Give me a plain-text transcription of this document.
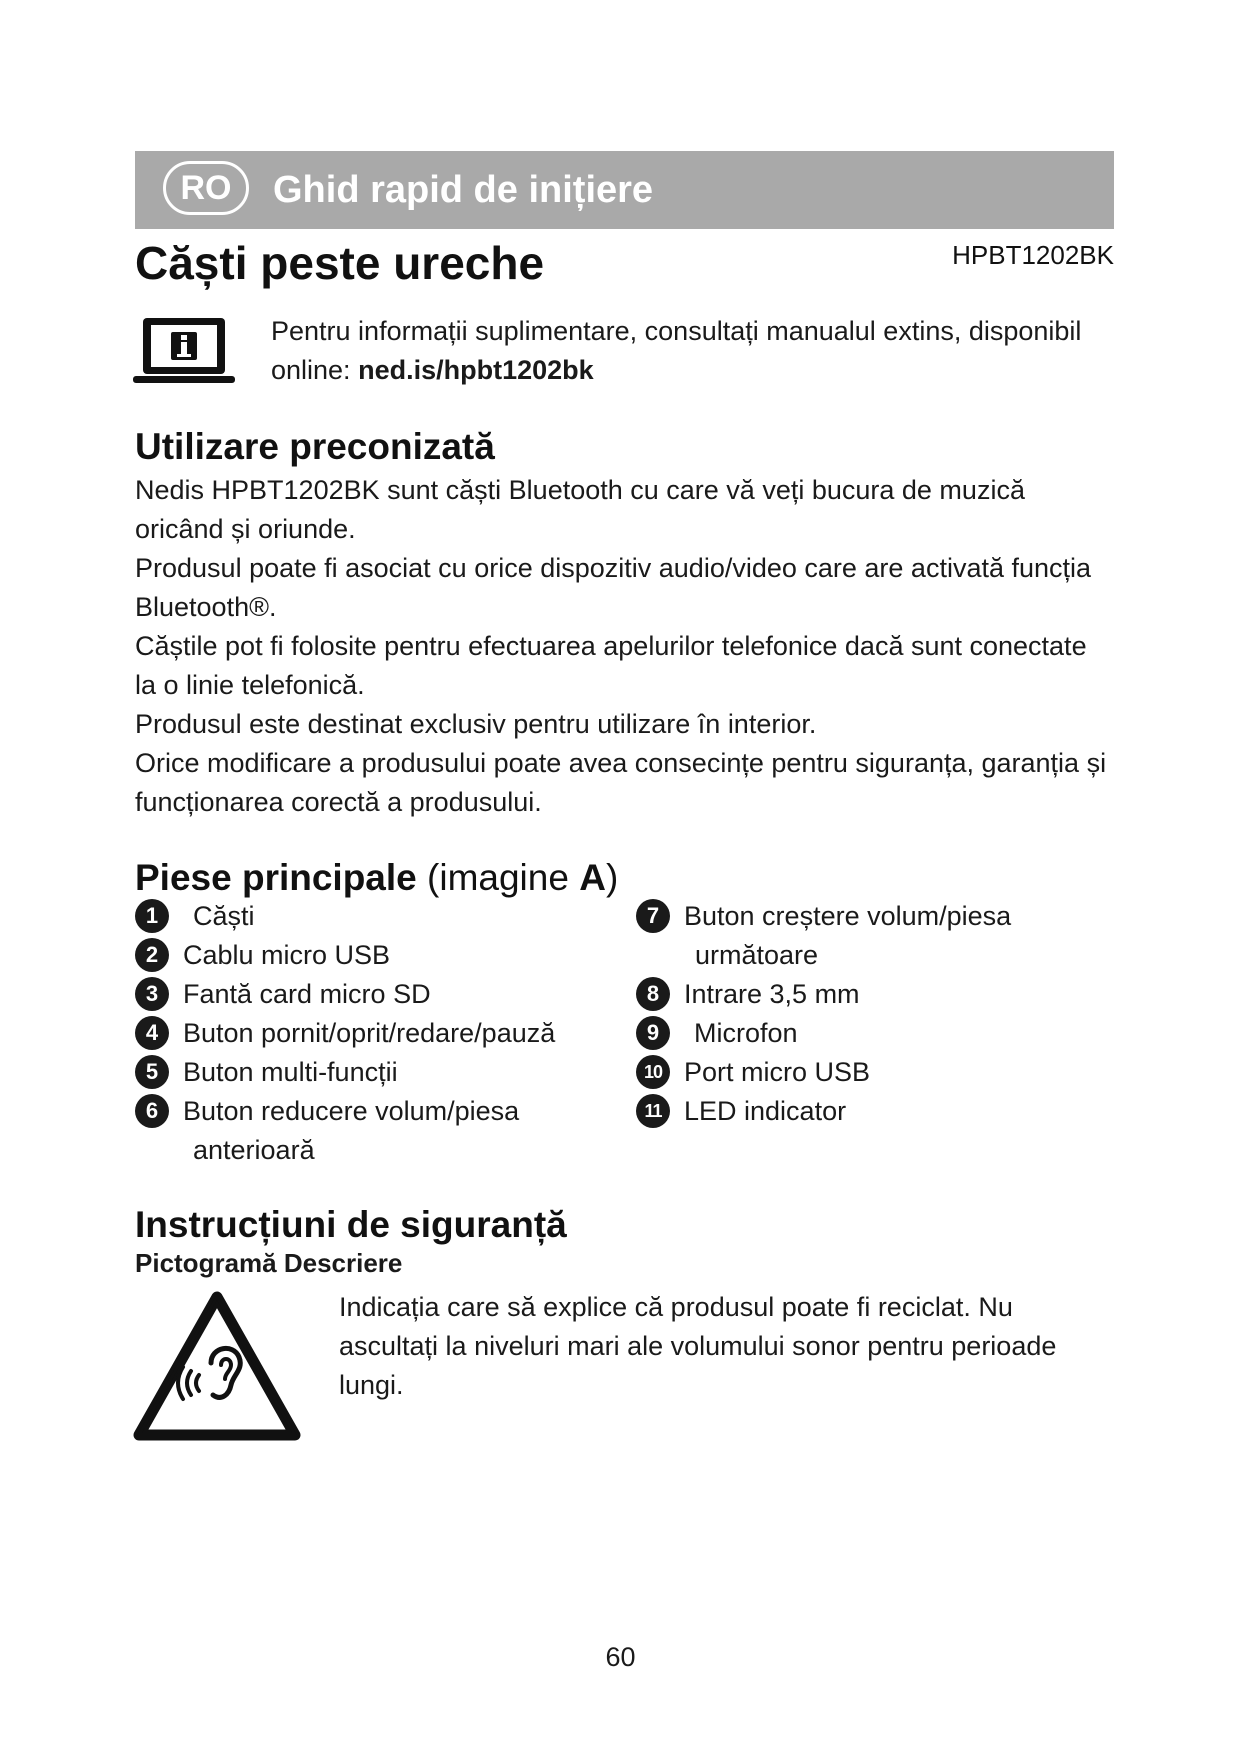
RO	Ghid rapid de inițiere
Căști peste ureche	HPBT1202BK
Pentru informații suplimentare, consultați manualul extins, disponibil online: ned.is/hpbt1202bk
Utilizare preconizată

Nedis HPBT1202BK sunt căști Bluetooth cu care vă veți bucura de muzică oricând și oriunde.

Produsul poate fi asociat cu orice dispozitiv audio/video care are activată funcția Bluetooth®.

Căștile pot fi folosite pentru efectuarea apelurilor telefonice dacă sunt conectate la o linie telefonică.

Produsul este destinat exclusiv pentru utilizare în interior.

Orice modificare a produsului poate avea consecințe pentru siguranța, garanția și funcționarea corectă a produsului.

Piese principale (imagine A)
1	Căști
2 Cablu micro USB
3 Fantă card micro SD
4 Buton pornit/oprit/redare/pauză
5 Buton multi-funcții
6 Buton reducere volum/piesa
anterioară
7 Buton creștere volum/piesa
următoare
8 Intrare 3,5 mm
9	Microfon
10 Port micro USB
11 LED indicator
Instrucțiuni de siguranță
Pictogramă Descriere
Indicația care să explice că produsul poate fi reciclat. Nu ascultați la niveluri mari ale volumului sonor pentru perioade lungi.
60
